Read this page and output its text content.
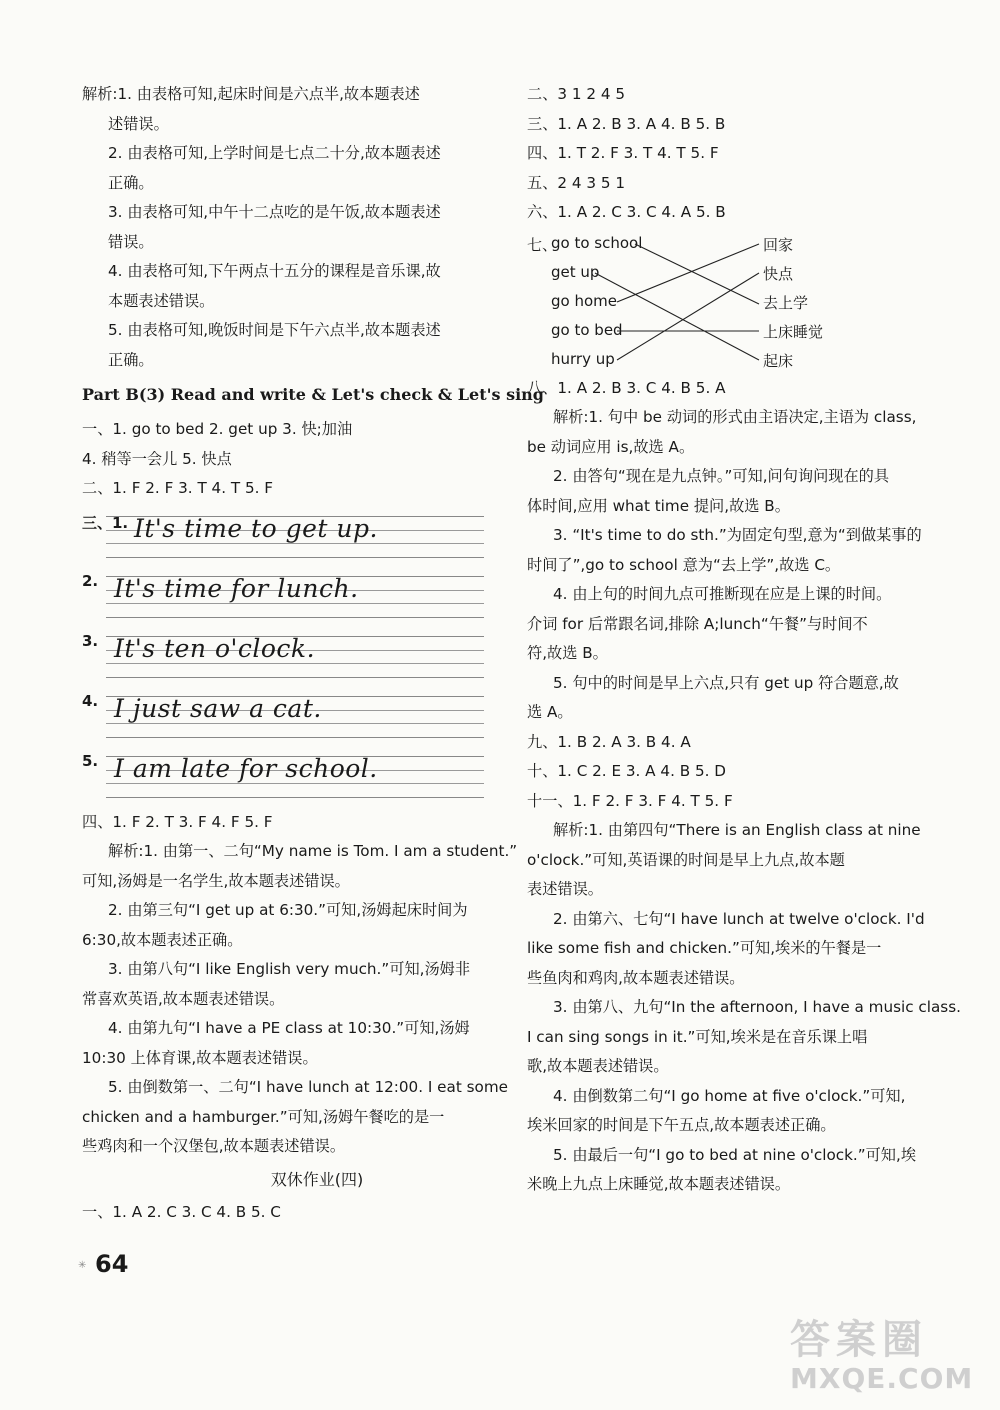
解析:1. 由表格可知,起床时间是六点半,故本题表述

述错误。

2. 由表格可知,上学时间是七点二十分,故本题表述

正确。

3. 由表格可知,中午十二点吃的是午饭,故本题表述

错误。

4. 由表格可知,下午两点十五分的课程是音乐课,故

本题表述错误。

5. 由表格可知,晚饭时间是下午六点半,故本题表述

正确。

Part B(3) Read and write & Let's check & Let's sing

一、1. go to bed 2. get up 3. 快;加油

4. 稍等一会儿 5. 快点

二、1. F 2. F 3. T 4. T 5. F

三、1. It's time to get up.
2. It's time for lunch.
3. It's ten o'clock.
4. I just saw a cat.
5. I am late for school.

四、1. F 2. T 3. F 4. F 5. F

解析:1. 由第一、二句“My name is Tom. I am a student.”

可知,汤姆是一名学生,故本题表述错误。

2. 由第三句“I get up at 6:30.”可知,汤姆起床时间为

6:30,故本题表述正确。

3. 由第八句“I like English very much.”可知,汤姆非

常喜欢英语,故本题表述错误。

4. 由第九句“I have a PE class at 10:30.”可知,汤姆

10:30 上体育课,故本题表述错误。

5. 由倒数第一、二句“I have lunch at 12:00. I eat some

chicken and a hamburger.”可知,汤姆午餐吃的是一

些鸡肉和一个汉堡包,故本题表述错误。

双休作业(四)

一、1. A 2. C 3. C 4. B 5. C

二、3 1 2 4 5

三、1. A 2. B 3. A 4. B 5. B

四、1. T 2. F 3. T 4. T 5. F

五、2 4 3 5 1

六、1. A 2. C 3. C 4. A 5. B

七、
go to school
get up
go home
go to bed
hurry up
回家
快点
去上学
上床睡觉
起床

八、1. A 2. B 3. C 4. B 5. A

解析:1. 句中 be 动词的形式由主语决定,主语为 class,

be 动词应用 is,故选 A。

2. 由答句“现在是九点钟。”可知,问句询问现在的具

体时间,应用 what time 提问,故选 B。

3. “It's time to do sth.”为固定句型,意为“到做某事的

时间了”,go to school 意为“去上学”,故选 C。

4. 由上句的时间九点可推断现在应是上课的时间。

介词 for 后常跟名词,排除 A;lunch“午餐”与时间不

符,故选 B。

5. 句中的时间是早上六点,只有 get up 符合题意,故

选 A。

九、1. B 2. A 3. B 4. A

十、1. C 2. E 3. A 4. B 5. D

十一、1. F 2. F 3. F 4. T 5. F

解析:1. 由第四句“There is an English class at nine

o'clock.”可知,英语课的时间是早上九点,故本题

表述错误。

2. 由第六、七句“I have lunch at twelve o'clock. I'd

like some fish and chicken.”可知,埃米的午餐是一

些鱼肉和鸡肉,故本题表述错误。

3. 由第八、九句“In the afternoon, I have a music class.

I can sing songs in it.”可知,埃米是在音乐课上唱

歌,故本题表述错误。

4. 由倒数第二句“I go home at five o'clock.”可知,

埃米回家的时间是下午五点,故本题表述正确。

5. 由最后一句“I go to bed at nine o'clock.”可知,埃

米晚上九点上床睡觉,故本题表述错误。

✳ 64
答案圈
MXQE.COM
